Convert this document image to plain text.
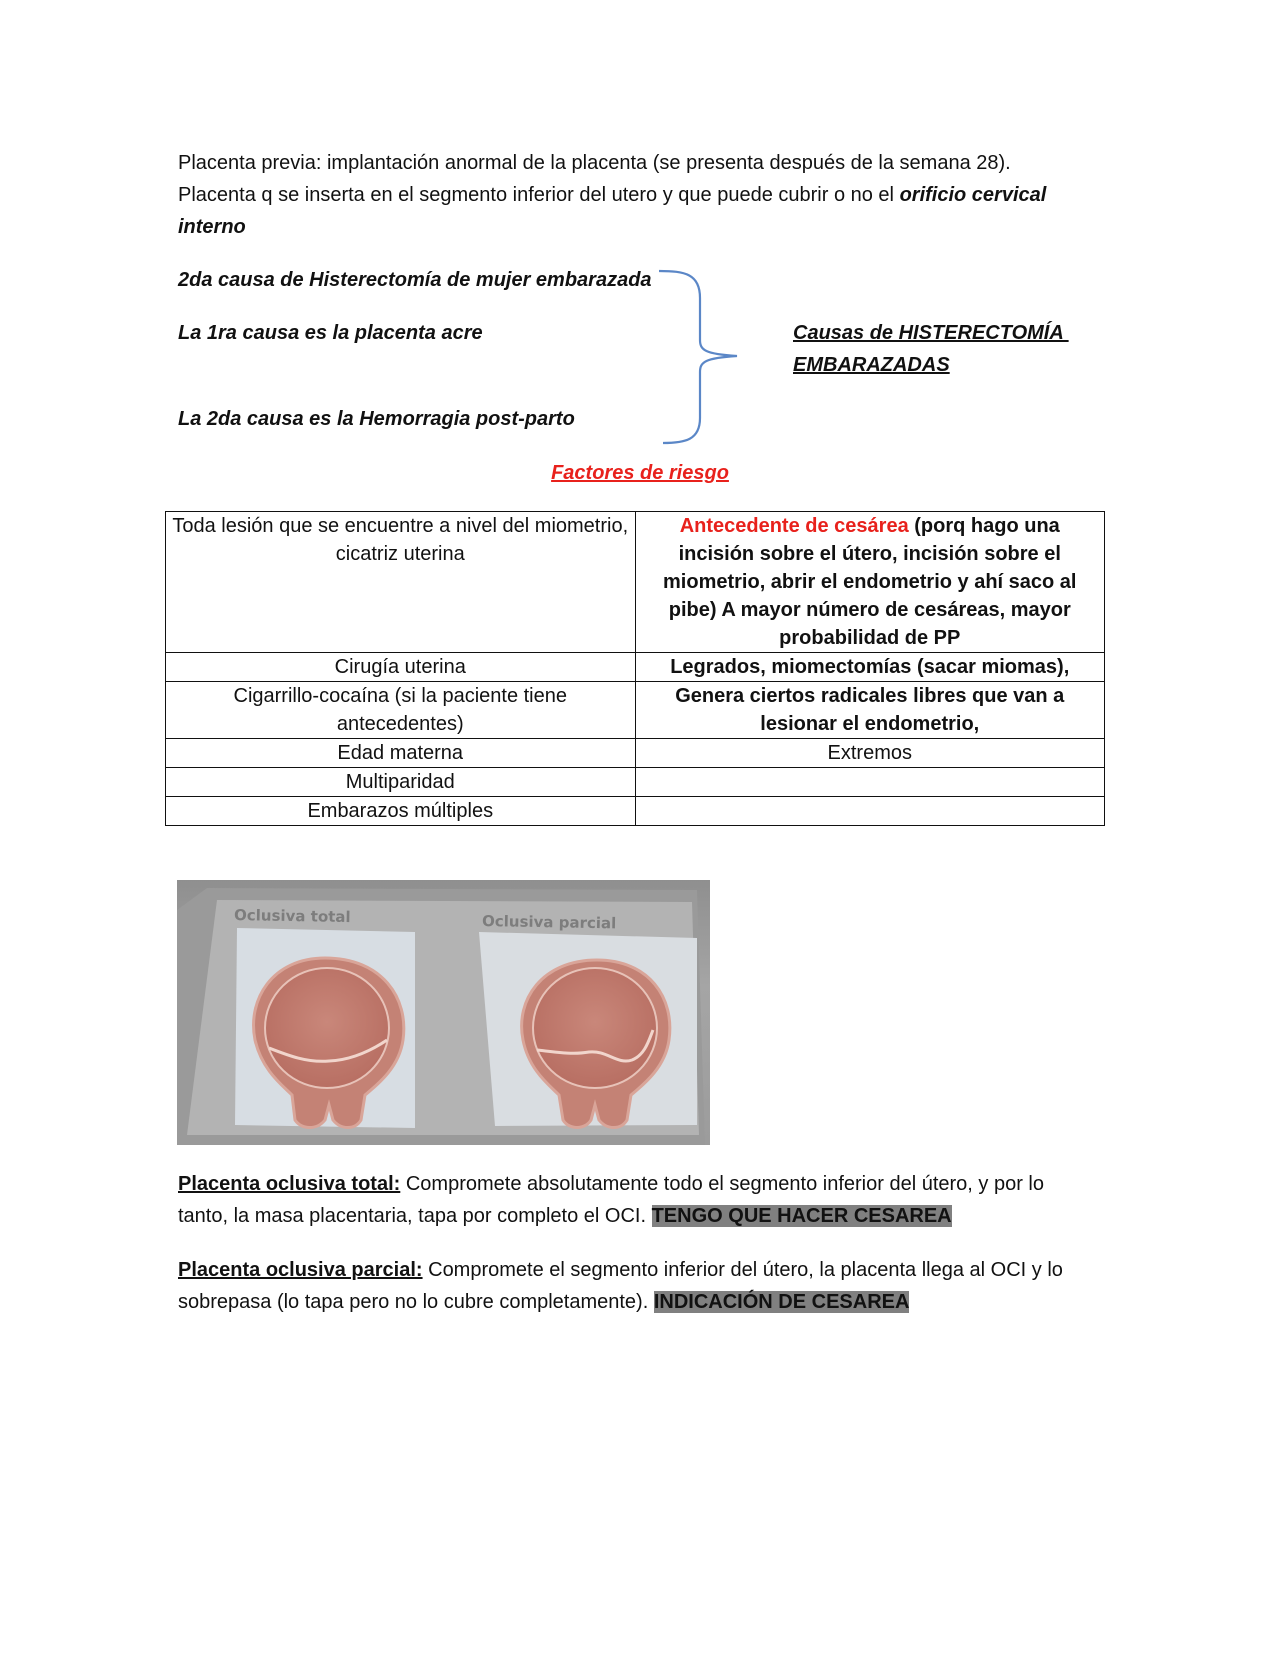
Placenta previa: implantación anormal de la placenta (se presenta después de la semana 28).
Placenta q se inserta en el segmento inferior del utero y que puede cubrir o no el orificio cervical
interno
2da causa de Histerectomía de mujer embarazada
La 1ra causa es la placenta acre
La 2da causa es la Hemorragia post-parto
Causas de HISTERECTOMÍA
EMBARAZADAS
Factores de riesgo
Toda lesión que se encuentre a nivel del miometrio, cicatriz uterina	Antecedente de cesárea (porq hago una incisión sobre el útero, incisión sobre el miometrio, abrir el endometrio y ahí saco al pibe) A mayor número de cesáreas, mayor probabilidad de PP
Cirugía uterina	Legrados, miomectomías (sacar miomas),
Cigarrillo-cocaína (si la paciente tiene antecedentes)	Genera ciertos radicales libres que van a lesionar el endometrio,
Edad materna	Extremos
Multiparidad	
Embarazos múltiples	
Oclusiva total	Oclusiva parcial
Placenta oclusiva total: Compromete absolutamente todo el segmento inferior del útero, y por lo tanto, la masa placentaria, tapa por completo el OCI. TENGO QUE HACER CESAREA
Placenta oclusiva parcial: Compromete el segmento inferior del útero, la placenta llega al OCI y lo sobrepasa (lo tapa pero no lo cubre completamente). INDICACIÓN DE CESAREA
